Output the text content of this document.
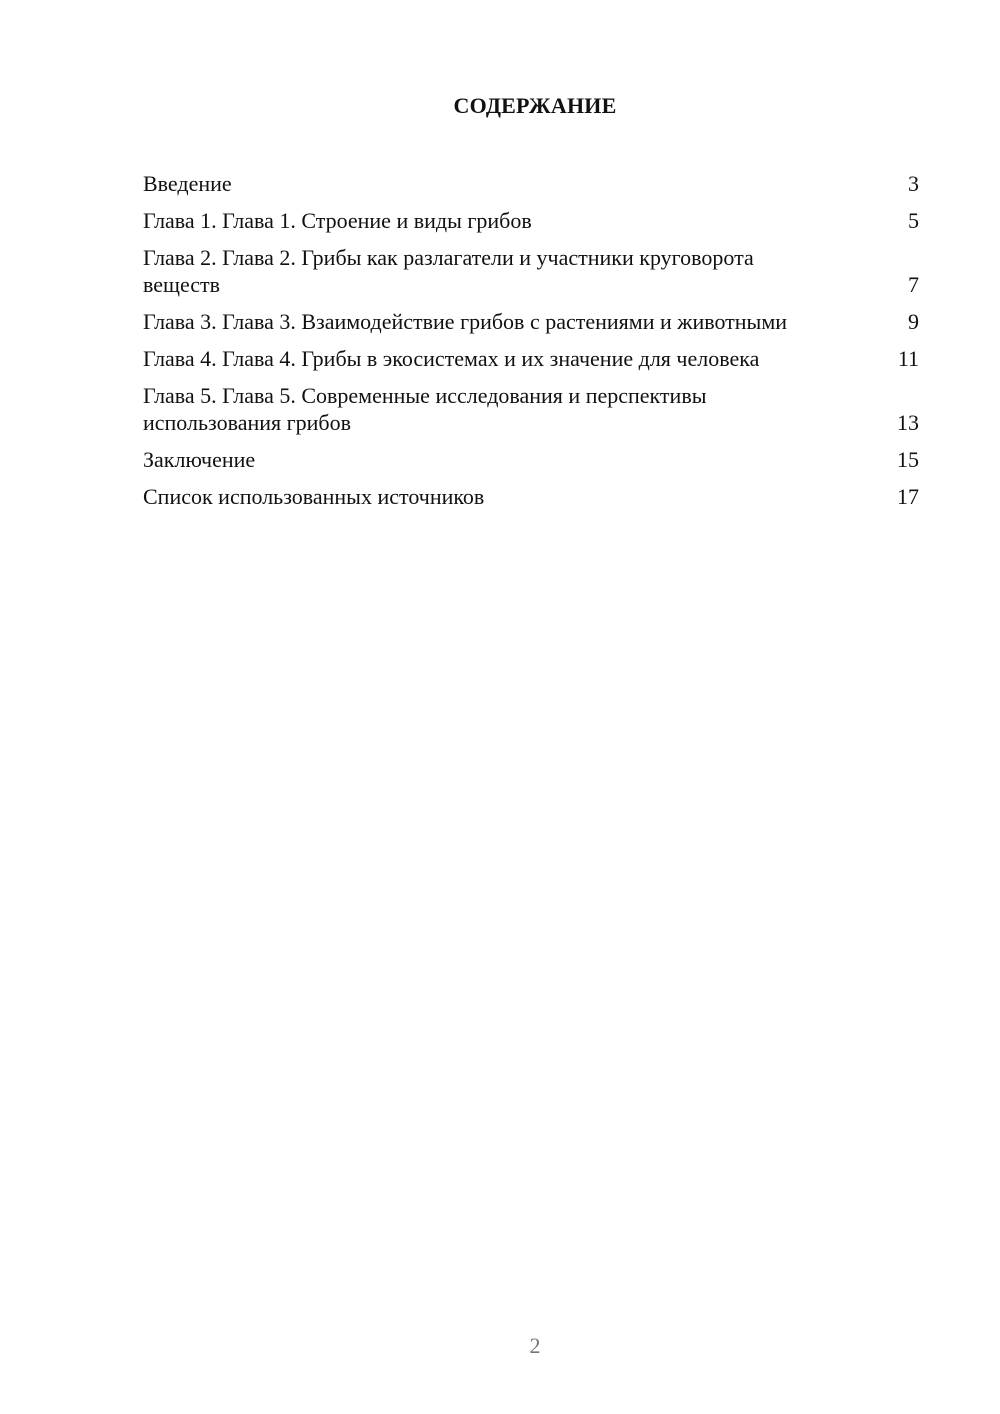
СОДЕРЖАНИЕ
Введение	3
Глава 1. Глава 1. Строение и виды грибов	5
Глава 2. Глава 2. Грибы как разлагатели и участники круговорота веществ	7
Глава 3. Глава 3. Взаимодействие грибов с растениями и животными	9
Глава 4. Глава 4. Грибы в экосистемах и их значение для человека	11
Глава 5. Глава 5. Современные исследования и перспективы использования грибов	13
Заключение	15
Список использованных источников	17
2
